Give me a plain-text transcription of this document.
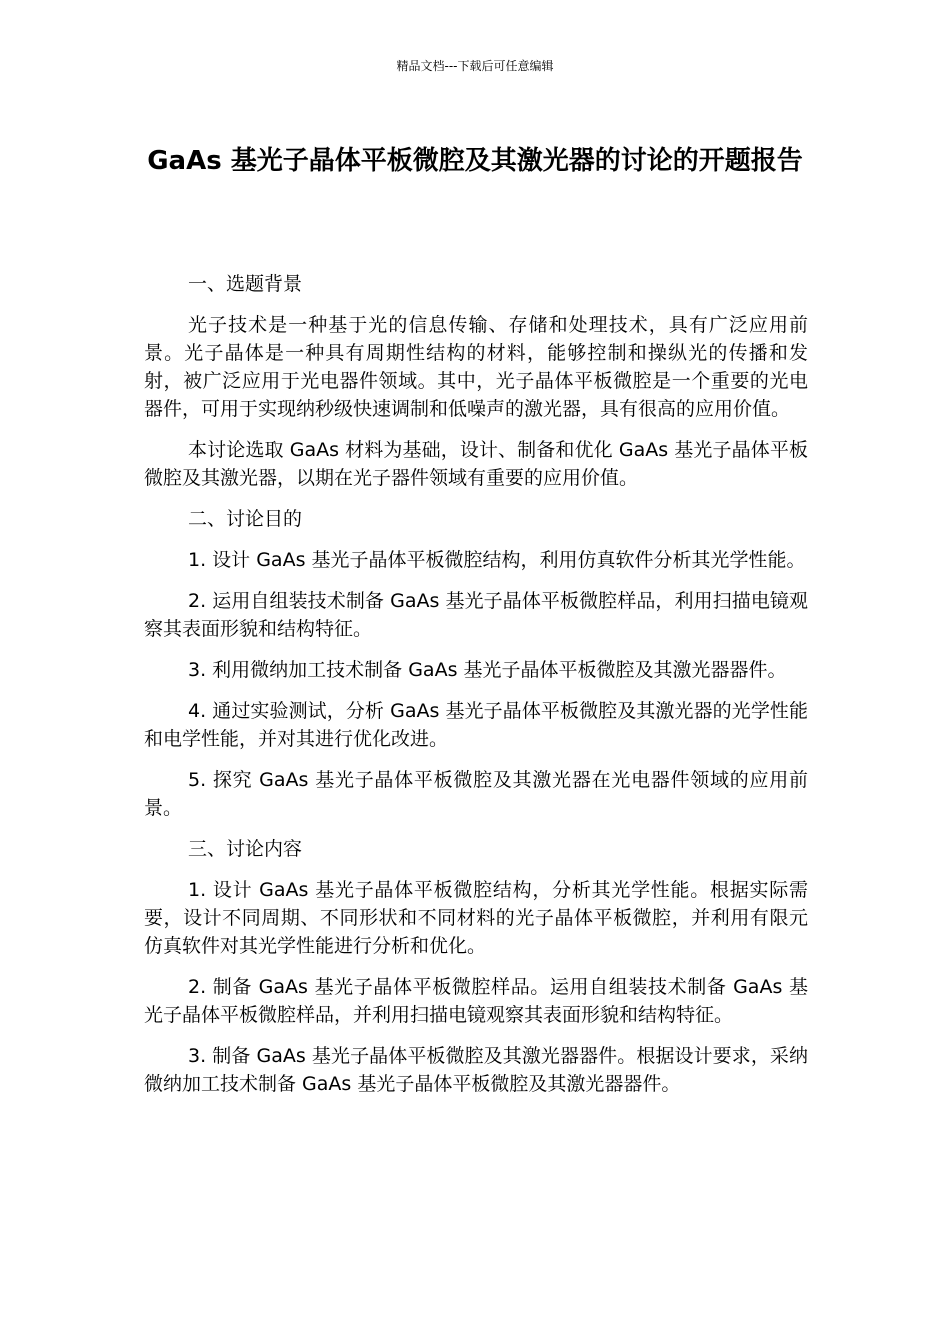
精品文档---下载后可任意编辑
GaAs 基光子晶体平板微腔及其激光器的讨论的开题报告

一、选题背景

光子技术是一种基于光的信息传输、存储和处理技术，具有广泛应用前景。光子晶体是一种具有周期性结构的材料，能够控制和操纵光的传播和发射，被广泛应用于光电器件领域。其中，光子晶体平板微腔是一个重要的光电器件，可用于实现纳秒级快速调制和低噪声的激光器，具有很高的应用价值。

本讨论选取 GaAs 材料为基础，设计、制备和优化 GaAs 基光子晶体平板微腔及其激光器，以期在光子器件领域有重要的应用价值。

二、讨论目的

1. 设计 GaAs 基光子晶体平板微腔结构，利用仿真软件分析其光学性能。

2. 运用自组装技术制备 GaAs 基光子晶体平板微腔样品，利用扫描电镜观察其表面形貌和结构特征。

3. 利用微纳加工技术制备 GaAs 基光子晶体平板微腔及其激光器器件。

4. 通过实验测试，分析 GaAs 基光子晶体平板微腔及其激光器的光学性能和电学性能，并对其进行优化改进。

5. 探究 GaAs 基光子晶体平板微腔及其激光器在光电器件领域的应用前景。

三、讨论内容

1. 设计 GaAs 基光子晶体平板微腔结构，分析其光学性能。根据实际需要，设计不同周期、不同形状和不同材料的光子晶体平板微腔，并利用有限元仿真软件对其光学性能进行分析和优化。

2. 制备 GaAs 基光子晶体平板微腔样品。运用自组装技术制备 GaAs 基光子晶体平板微腔样品，并利用扫描电镜观察其表面形貌和结构特征。

3. 制备 GaAs 基光子晶体平板微腔及其激光器器件。根据设计要求，采纳微纳加工技术制备 GaAs 基光子晶体平板微腔及其激光器器件。
